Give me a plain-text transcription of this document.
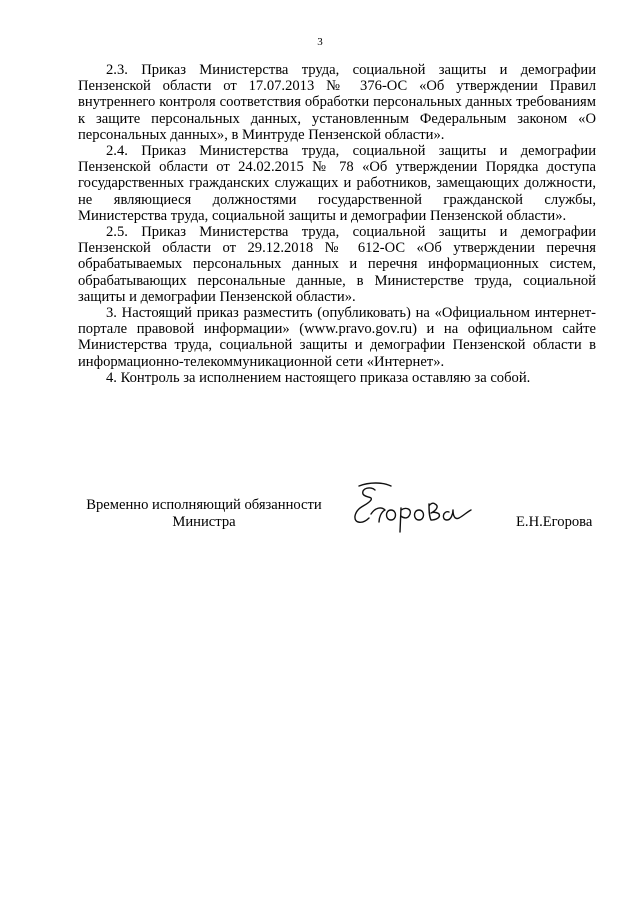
3

2.3. Приказ Министерства труда, социальной защиты и демографии Пензенской области от 17.07.2013 № 376-ОС «Об утверждении Правил внутреннего контроля соответствия обработки персональных данных требованиям к защите персональных данных, установленным Федеральным законом «О персональных данных», в Минтруде Пензенской области».

2.4. Приказ Министерства труда, социальной защиты и демографии Пензенской области от 24.02.2015 № 78 «Об утверждении Порядка доступа государственных гражданских служащих и работников, замещающих должности, не являющиеся должностями государственной гражданской службы, Министерства труда, социальной защиты и демографии Пензенской области».

2.5. Приказ Министерства труда, социальной защиты и демографии Пензенской области от 29.12.2018 № 612-ОС «Об утверждении перечня обрабатываемых персональных данных и перечня информационных систем, обрабатывающих персональные данные, в Министерстве труда, социальной защиты и демографии Пензенской области».

3. Настоящий приказ разместить (опубликовать) на «Официальном интернет-портале правовой информации» (www.pravo.gov.ru) и на официальном сайте Министерства труда, социальной защиты и демографии Пензенской области в информационно-телекоммуникационной сети «Интернет».

4. Контроль за исполнением настоящего приказа оставляю за собой.

Временно исполняющий обязанности
Министра	Е.Н.Егорова
